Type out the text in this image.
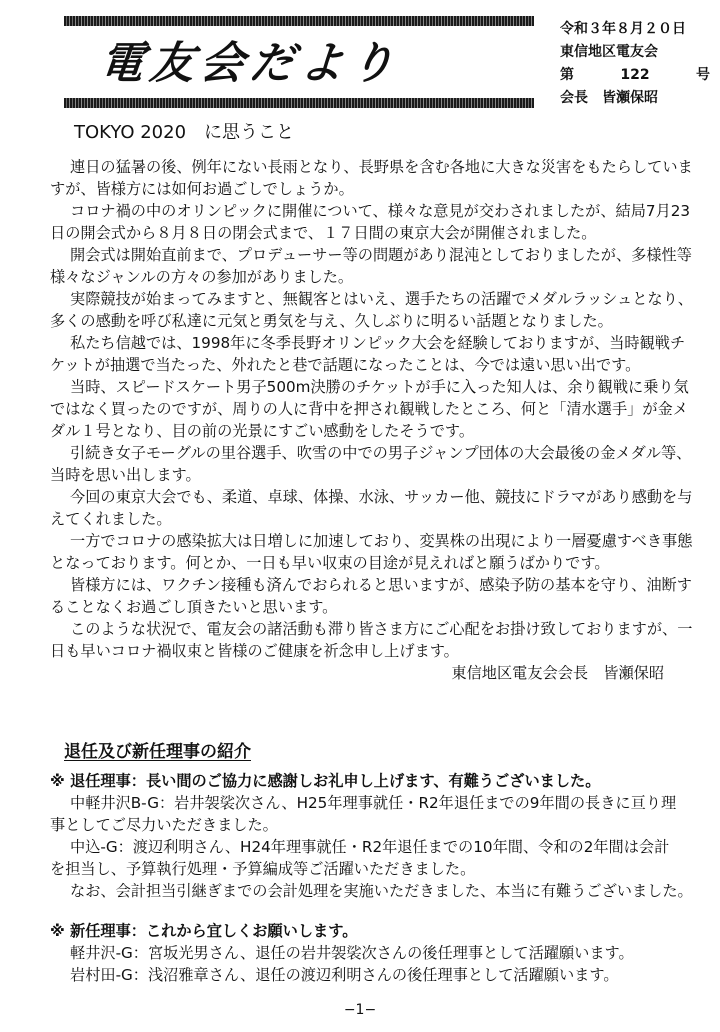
電友会だより
令和３年８月２０日
東信地区電友会
第	122	号
会長　皆瀬保昭
TOKYO 2020　に思うこと
連日の猛暑の後、例年にない長雨となり、長野県を含む各地に大きな災害をもたらしていま
すが、皆様方には如何お過ごしでしょうか。
コロナ禍の中のオリンピックに開催について、様々な意見が交わされましたが、結局7月23
日の開会式から８月８日の閉会式まで、１７日間の東京大会が開催されました。
開会式は開始直前まで、プロデューサー等の問題があり混沌としておりましたが、多様性等
様々なジャンルの方々の参加がありました。
実際競技が始まってみますと、無観客とはいえ、選手たちの活躍でメダルラッシュとなり、
多くの感動を呼び私達に元気と勇気を与え、久しぶりに明るい話題となりました。
私たち信越では、1998年に冬季長野オリンピック大会を経験しておりますが、当時観戦チ
ケットが抽選で当たった、外れたと巷で話題になったことは、今では遠い思い出です。
当時、スピードスケート男子500m決勝のチケットが手に入った知人は、余り観戦に乗り気
ではなく買ったのですが、周りの人に背中を押され観戦したところ、何と「清水選手」が金メ
ダル１号となり、目の前の光景にすごい感動をしたそうです。
引続き女子モーグルの里谷選手、吹雪の中での男子ジャンプ団体の大会最後の金メダル等、
当時を思い出します。
今回の東京大会でも、柔道、卓球、体操、水泳、サッカー他、競技にドラマがあり感動を与
えてくれました。
一方でコロナの感染拡大は日増しに加速しており、変異株の出現により一層憂慮すべき事態
となっております。何とか、一日も早い収束の目途が見えればと願うばかりです。
皆様方には、ワクチン接種も済んでおられると思いますが、感染予防の基本を守り、油断す
ることなくお過ごし頂きたいと思います。
このような状況で、電友会の諸活動も滞り皆さま方にご心配をお掛け致しておりますが、一
日も早いコロナ禍収束と皆様のご健康を祈念申し上げます。
東信地区電友会会長　皆瀬保昭
退任及び新任理事の紹介
※ 退任理事：長い間のご協力に感謝しお礼申し上げます、有難うございました。
中軽井沢B-G：岩井袈裟次さん、H25年理事就任・R2年退任までの9年間の長きに亘り理
事としてご尽力いただきました。
中込-G：渡辺利明さん、H24年理事就任・R2年退任までの10年間、令和の2年間は会計
を担当し、予算執行処理・予算編成等ご活躍いただきました。
なお、会計担当引継ぎまでの会計処理を実施いただきました、本当に有難うございました。
※ 新任理事：これから宜しくお願いします。
軽井沢-G：宮坂光男さん、退任の岩井袈裟次さんの後任理事として活躍願います。
岩村田-G：浅沼雅章さん、退任の渡辺利明さんの後任理事として活躍願います。
−1−
